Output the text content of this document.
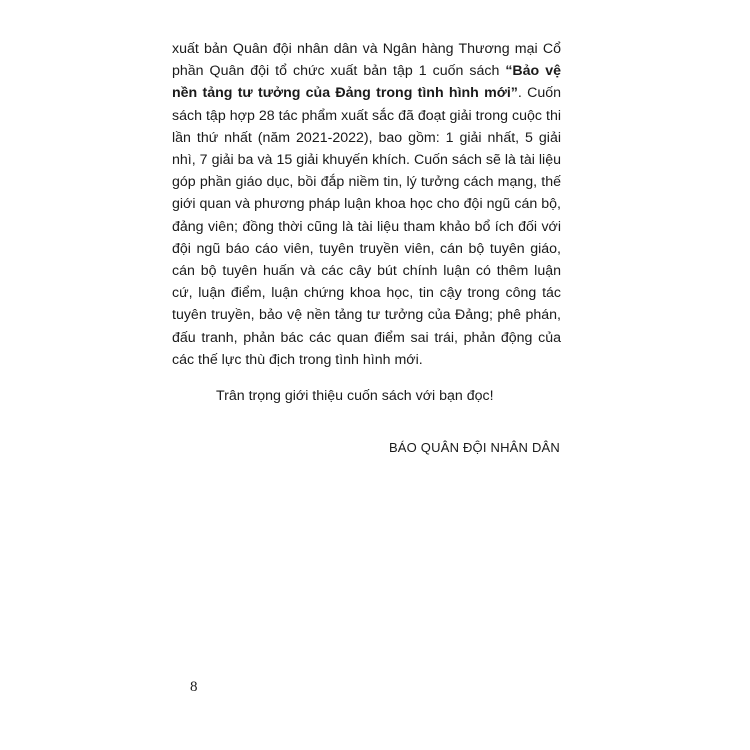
xuất bản Quân đội nhân dân và Ngân hàng Thương mại Cổ phần Quân đội tổ chức xuất bản tập 1 cuốn sách “Bảo vệ nền tảng tư tưởng của Đảng trong tình hình mới”. Cuốn sách tập hợp 28 tác phẩm xuất sắc đã đoạt giải trong cuộc thi lần thứ nhất (năm 2021-2022), bao gồm: 1 giải nhất, 5 giải nhì, 7 giải ba và 15 giải khuyến khích. Cuốn sách sẽ là tài liệu góp phần giáo dục, bồi đắp niềm tin, lý tưởng cách mạng, thế giới quan và phương pháp luận khoa học cho đội ngũ cán bộ, đảng viên; đồng thời cũng là tài liệu tham khảo bổ ích đối với đội ngũ báo cáo viên, tuyên truyền viên, cán bộ tuyên giáo, cán bộ tuyên huấn và các cây bút chính luận có thêm luận cứ, luận điểm, luận chứng khoa học, tin cậy trong công tác tuyên truyền, bảo vệ nền tảng tư tưởng của Đảng; phê phán, đấu tranh, phản bác các quan điểm sai trái, phản động của các thế lực thù địch trong tình hình mới.

Trân trọng giới thiệu cuốn sách với bạn đọc!

BÁO QUÂN ĐỘI NHÂN DÂN

8
